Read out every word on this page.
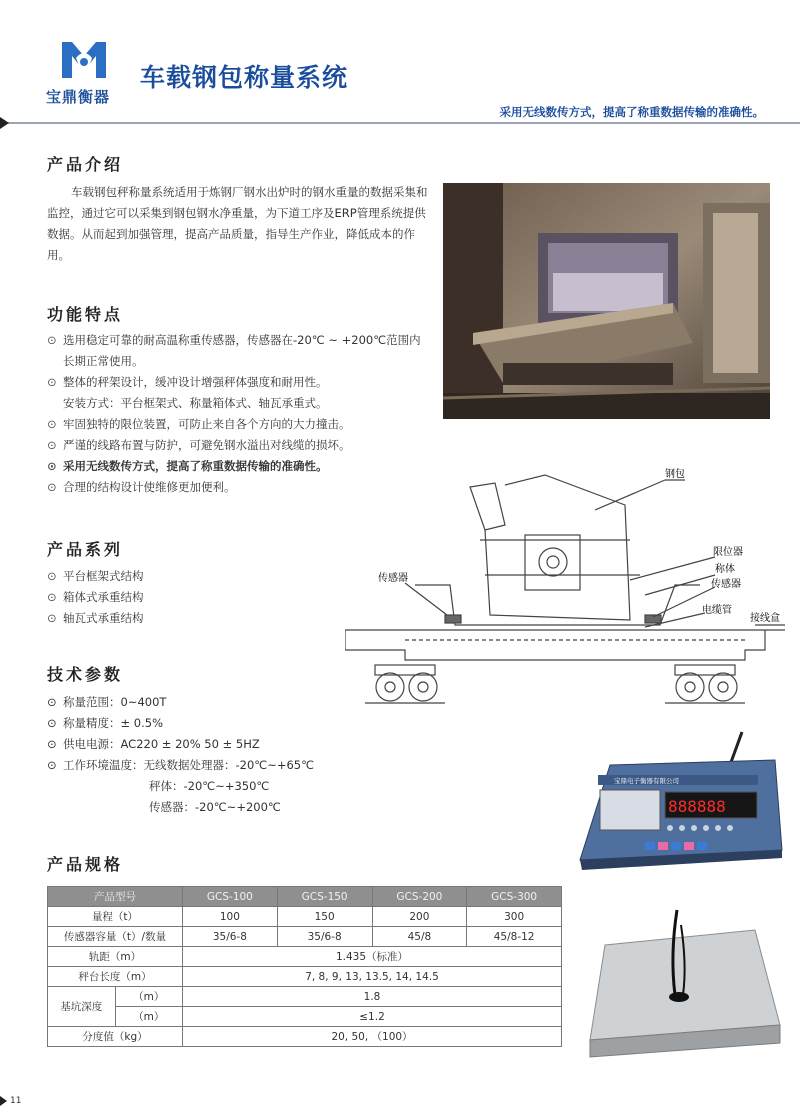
宝鼎衡器
车载钢包称量系统
采用无线数传方式，提高了称重数据传输的准确性。
产品介绍
车载钢包秤称量系统适用于炼钢厂钢水出炉时的钢水重量的数据采集和监控，通过它可以采集到钢包钢水净重量，为下道工序及ERP管理系统提供数据。从而起到加强管理，提高产品质量，指导生产作业，降低成本的作用。
功能特点
⊙ 选用稳定可靠的耐高温称重传感器，传感器在-20℃ ~ +200℃范围内
长期正常使用。
⊙ 整体的秤架设计，缓冲设计增强秤体强度和耐用性。
安装方式：平台框架式、称量箱体式、轴瓦承重式。
⊙ 牢固独特的限位装置，可防止来自各个方向的大力撞击。
⊙ 严谨的线路布置与防护，可避免钢水溢出对线缆的损坏。
⊙ 采用无线数传方式，提高了称重数据传输的准确性。
⊙ 合理的结构设计使维修更加便利。
钢包
限位器
称体
传感器
传感器
电缆管
接线盒
产品系列
⊙ 平台框架式结构
⊙ 箱体式承重结构
⊙ 轴瓦式承重结构
技术参数
⊙ 称量范围：0~400T
⊙ 称量精度：± 0.5%
⊙ 供电电源：AC220 ± 20% 50 ± 5HZ
⊙ 工作环境温度：无线数据处理器：-20℃~+65℃
秤体：-20℃~+350℃
传感器：-20℃~+200℃
宝鼎电子衡器有限公司
888888
产品规格
产品型号		GCS-100	GCS-150	GCS-200	GCS-300
量程（t）		100	150	200	300
传感器容量（t）/数量		35/6-8	35/6-8	45/8	45/8-12
轨距（m）		1.435（标准）			
秤台长度（m）		7, 8, 9, 13, 13.5, 14, 14.5			
基坑深度	（m）	1.8			
	（m）	≤1.2			
分度值（kg）		20, 50, （100）			
11
